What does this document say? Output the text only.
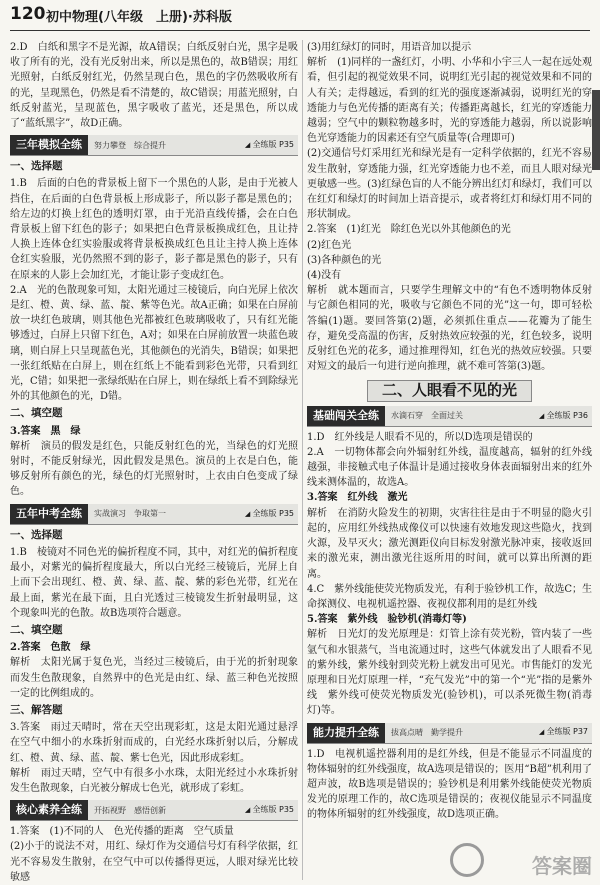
120 初中物理(八年级　上册)·苏科版

2.D　白纸和黑字不是光源，故A错误；白纸反射白光，黑字是吸收了所有的光，没有光反射出来，所以是黑色的，故B错误；用红光照射，白纸反射红光，仍然呈现白色，黑色的字仍然吸收所有的光，呈现黑色，仍然是看不清楚的，故C错误；用蓝光照射，白纸反射蓝光，呈现蓝色，黑字吸收了蓝光，还是黑色，所以成了“蓝纸黑字”，故D正确。

三年模拟全练	努力攀登　综合提升	◢ 全练版 P35
一、选择题

1.B　后面的白色的背景板上留下一个黑色的人影，是由于光被人挡住，在后面的白色背景板上形成影子，所以影子都是黑色的；给左边的灯换上红色的透明灯罩，由于光沿直线传播，会在白色背景板上留下红色的影子；如果把白色背景板换成红色，且让持人换上连体仓红实验服或将背景板换成红色且让主持人换上连体仓红实验服，光仍然照不到的影子，影子都是黑色的影子，只有在原来的人影上会加红光，才能让影子变成红色。

2.A　光的色散现象可知，太阳光通过三棱镜后，向白光屏上依次是红、橙、黄、绿、蓝、靛、紫等色光。故A正确；如果在白屏前放一块红色玻璃，则其他色光都被红色玻璃吸收了，只有红光能够透过，白屏上只留下红色，A对；如果在白屏前放置一块蓝色玻璃，则白屏上只呈现蓝色光，其他颜色的光消失，B错误；如果把一张红纸贴在白屏上，则在红纸上不能看到彩色光带，只看到红光，C错；如果把一张绿纸贴在白屏上，则在绿纸上看不到除绿光外的其他颜色的光，D错。

二、填空题

3.答案　黑　绿

解析　演员的假发是红色，只能反射红色的光，当绿色的灯光照射时，不能反射绿光，因此假发是黑色。演员的上衣是白色，能够反射所有颜色的光，绿色的灯光照射时，上衣由白色变成了绿色。

五年中考全练	实战演习　争取第一	◢ 全练版 P35
一、选择题

1.B　棱镜对不同色光的偏折程度不同，其中，对红光的偏折程度最小，对紫光的偏折程度最大，所以白光经三棱镜后，光屏上自上而下会出现红、橙、黄、绿、蓝、靛、紫的彩色光带，红光在最上面，紫光在最下面，且白光透过三棱镜发生折射最明显，这个现象叫光的色散。故B选项符合题意。

二、填空题

2.答案　色散　绿

解析　太阳光属于复色光，当经过三棱镜后，由于光的折射现象而发生色散现象，自然界中的色光是由红、绿、蓝三种色光按照一定的比例组成的。

三、解答题

3.答案　雨过天晴时，常在天空出现彩虹，这是太阳光通过悬浮在空气中细小的水珠折射而成的，白光经水珠折射以后，分解成红、橙、黄、绿、蓝、靛、紫七色光，因此形成彩虹。

解析　雨过天晴，空气中有很多小水珠，太阳光经过小水珠折射发生色散现象，白光被分解成七色光，就形成了彩虹。

核心素养全练	开拓视野　感悟创新	◢ 全练版 P35

1.答案　(1)不同的人　色光传播的距离　空气质量

(2)小于的说法不对，用红、绿灯作为交通信号灯有科学依据，红光不容易发生散射，在空气中可以传播得更远，人眼对绿光比较敏感

(3)用红绿灯的同时，用语音加以提示

解析　(1)同样的一盏红灯，小明、小华和小宇三人一起在远处观看，但引起的视觉效果不同，说明红光引起的视觉效果和不同的人有关；走得越远，看到的红光的强度逐渐减弱，说明红光的穿透能力与色光传播的距离有关；传播距离越长，红光的穿透能力越弱；空气中的颗粒物越多时，光的穿透能力越弱，所以说影响色光穿透能力的因素还有空气质量等(合理即可)

(2)交通信号灯采用红光和绿光是有一定科学依据的，红光不容易发生散射，穿透能力强，红光穿透能力也不差，而且人眼对绿光更敏感一些。(3)红绿色盲的人不能分辨出红灯和绿灯，我们可以在红灯和绿灯的时间加上语音提示，或者将红灯和绿灯用不同的形状制成。

2.答案　(1)红光　除红色光以外其他颜色的光

(2)红色光

(3)各种颜色的光

(4)没有

解析　就本题而言，只要学生理解文中的“有色不透明物体反射与它颜色相同的光，吸收与它颜色不同的光”这一句，即可轻松答编(1)题。要回答第(2)题，必须抓住重点——花瓣为了能生存，避免受高温的伤害，反射热效应较强的光，红色较多，说明反射红色光的花多，通过推理得知，红色光的热效应较强。只要对短文的最后一句进行逆向推理，就不难可答第(3)题。

二、人眼看不见的光
基础闯关全练	水滴石穿　全面过关	◢ 全练版 P36

1.D　红外线是人眼看不见的，所以D选项是错误的

2.A　一切物体都会向外辐射红外线，温度越高，辐射的红外线越强，非接触式电子体温计是通过接收身体表面辐射出来的红外线来测体温的，故选A。

3.答案　红外线　激光

解析　在消防火险发生的初期，灾害往往是由于不明显的隐火引起的，应用红外线热成像仪可以快速有效地发现这些隐火，找到火源，及早灭火；激光测距仪向目标发射激光脉冲束，接收返回来的激光束，测出激光往返所用的时间，就可以算出所测的距离。

4.C　紫外线能使荧光物质发光，有利于验钞机工作，故选C；生命探测仪、电视机遥控器、夜视仪都利用的是红外线

5.答案　紫外线　验钞机(消毒灯等)

解析　日光灯的发光原理是：灯管上涂有荧光粉，管内装了一些氩气和水银蒸气，当电流通过时，这些气体就发出了人眼看不见的紫外线，紫外线射到荧光粉上就发出可见光。市售能灯的发光原理和日光灯原理一样，“充气发光”中的第一个“光”指的是紫外线　紫外线可使荧光物质发光(验钞机)，可以杀死微生物(消毒灯)等。

能力提升全练	拔高点晴　勤学提升	◢ 全练版 P37

1.D　电视机遥控器利用的是红外线，但是不能显示不同温度的物体辐射的红外线强度，故A选项是错误的；医用“B超”机利用了超声波，故B选项是错误的；验钞机是利用紫外线能使荧光物质发光的原理工作的，故C选项是错误的；夜视仪能显示不同温度的物体所辐射的红外线强度，故D选项正确。

答案圈
